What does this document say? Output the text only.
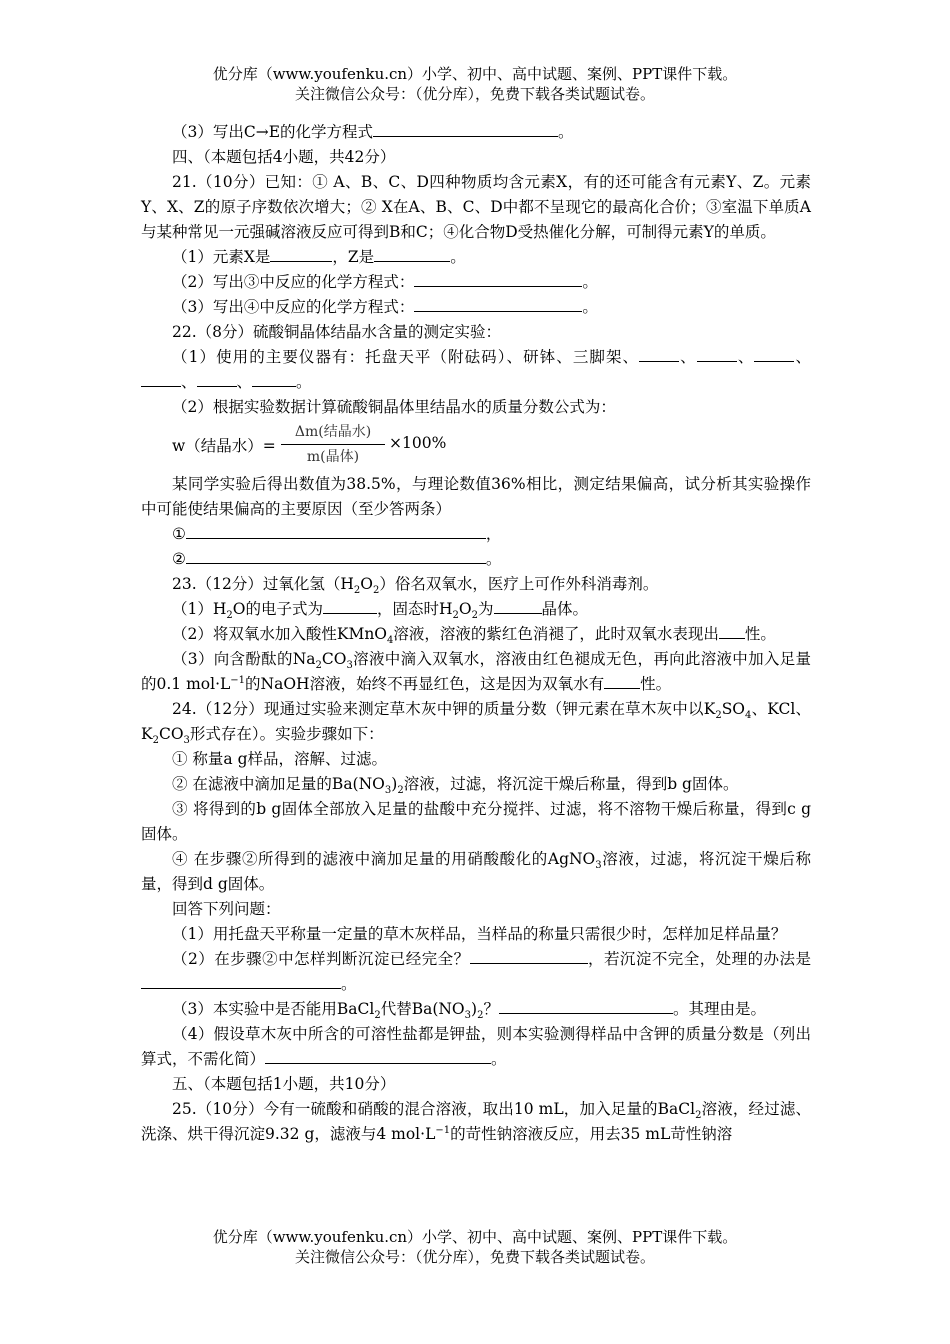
优分库（www.youfenku.cn）小学、初中、高中试题、案例、PPT课件下载。
关注微信公众号：（优分库），免费下载各类试题试卷。
（3）写出C→E的化学方程式	。
四、（本题包括4小题，共42分）
21.（10分）已知：① A、B、C、D四种物质均含元素X，有的还可能含有元素Y、Z。元素Y、X、Z的原子序数依次增大；② X在A、B、C、D中都不呈现它的最高化合价；③室温下单质A与某种常见一元强碱溶液反应可得到B和C；④化合物D受热催化分解，可制得元素Y的单质。
（1）元素X是	，Z是	。
（2）写出③中反应的化学方程式：	。
（3）写出④中反应的化学方程式：	。
22.（8分）硫酸铜晶体结晶水含量的测定实验：
（1）使用的主要仪器有：托盘天平（附砝码）、研钵、三脚架、	、	、	、、	、	。
（2）根据实验数据计算硫酸铜晶体里结晶水的质量分数公式为：
w（结晶水）=
Δm(结晶水)
m(晶体)
×100%
某同学实验后得出数值为38.5%，与理论数值36%相比，测定结果偏高，试分析其实验操作中可能使结果偏高的主要原因（至少答两条）
①	，
②	。
23.（12分）过氧化氢$(H_2O_2)$俗名双氧水，医疗上可作外科消毒剂。
$(1)H_2O$的电子式为	，固态时$H_2O_2$为	晶体。
（2）将双氧水加入酸性KMnO$_4$溶液，溶液的紫红色消褪了，此时双氧水表现出 性。
（3）向含酚酞的$Na_2CO_3$溶液中滴入双氧水，溶液由红色褪成无色，再向此溶液中加入足量的0.1 $mol\cdot L^{-1}$的NaOH溶液，始终不再显红色，这是因为双氧水有 性。
24.（12分）现通过实验来测定草木灰中钾的质量分数（钾元素在草木灰中以$K_2SO_4$、KCl、$K_2CO_3$形式存在）。实验步骤如下：
① 称量a g样品，溶解、过滤。
② 在滤液中滴加足量的$Ba(NO_3)_2$溶液，过滤，将沉淀干燥后称量，得到b g固体。
③ 将得到的b g固体全部放入足量的盐酸中充分搅拌、过滤，将不溶物干燥后称量，得到c g固体。
④ 在步骤②所得到的滤液中滴加足量的用硝酸酸化的AgNO$_3$溶液，过滤，将沉淀干燥后称量，得到d g固体。
回答下列问题：
（1）用托盘天平称量一定量的草木灰样品，当样品的称量只需很少时，怎样加足样品量？
（2）在步骤②中怎样判断沉淀已经完全？	，若沉淀不完全，处理的办法是。
（3）本实验中是否能用BaCl$_2$代替$Ba(NO_3)_2$？	。其理由是。
（4）假设草木灰中所含的可溶性盐都是钾盐，则本实验测得样品中含钾的质量分数是（列出算式，不需化简）	。
五、（本题包括1小题，共10分）
25.（10分）今有一硫酸和硝酸的混合溶液，取出10 mL，加入足量的BaCl$_2$溶液，经过滤、洗涤、烘干得沉淀9.32 g，滤液与4 $mol\cdot L^{-1}$的苛性钠溶液反应，用去35 mL苛性钠溶
优分库（www.youfenku.cn）小学、初中、高中试题、案例、PPT课件下载。
关注微信公众号：（优分库），免费下载各类试题试卷。
